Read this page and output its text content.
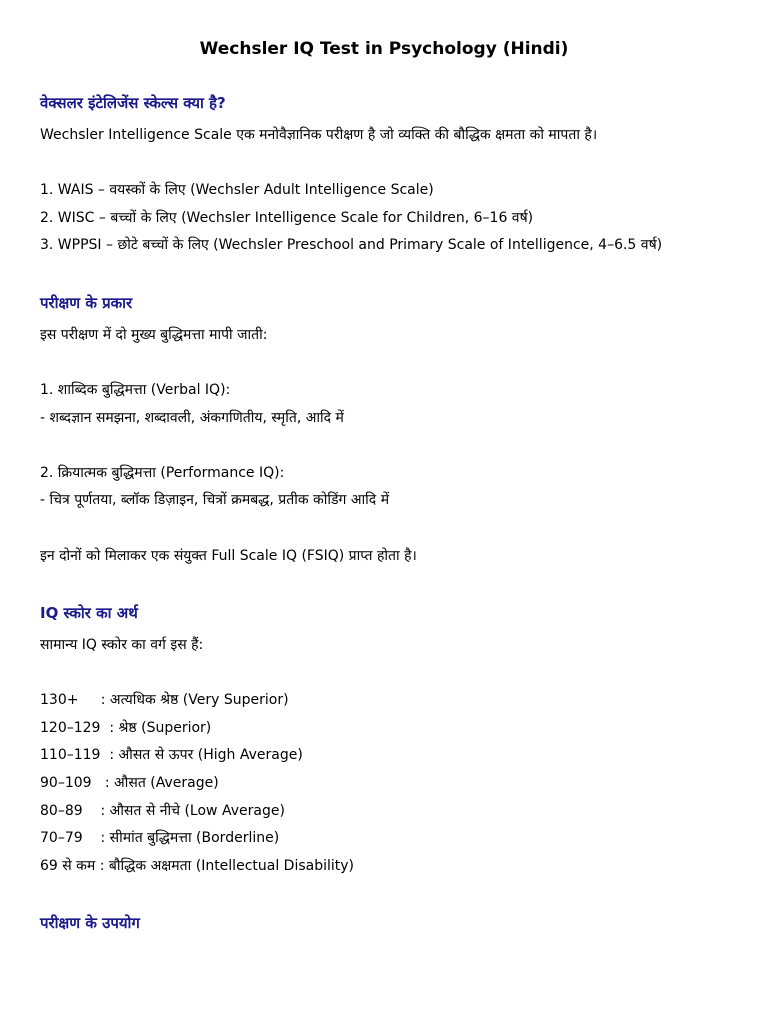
Wechsler IQ Test in Psychology (Hindi)
वेक्सलर इंटेलिजेंस स्केल्स क्या है?
Wechsler Intelligence Scale एक मनोवैज्ञानिक परीक्षण है जो व्यक्ति की बौद्धिक क्षमता को मापता है।
1. WAIS – वयस्कों के लिए (Wechsler Adult Intelligence Scale)
2. WISC – बच्चों के लिए (Wechsler Intelligence Scale for Children, 6–16 वर्ष)
3. WPPSI – छोटे बच्चों के लिए (Wechsler Preschool and Primary Scale of Intelligence, 4–6.5 वर्ष)
परीक्षण के प्रकार
इस परीक्षण में दो मुख्य बुद्धिमत्ता मापी जाती:
1. शाब्दिक बुद्धिमत्ता (Verbal IQ):
- शब्दज्ञान समझना, शब्दावली, अंकगणितीय, स्मृति, आदि में
2. क्रियात्मक बुद्धिमत्ता (Performance IQ):
- चित्र पूर्णतया, ब्लॉक डिज़ाइन, चित्रों क्रमबद्ध, प्रतीक कोडिंग आदि में
इन दोनों को मिलाकर एक संयुक्त Full Scale IQ (FSIQ) प्राप्त होता है।
IQ स्कोर का अर्थ
सामान्य IQ स्कोर का वर्ग इस हैं:
130+     : अत्यधिक श्रेष्ठ (Very Superior)
120–129  : श्रेष्ठ (Superior)
110–119  : औसत से ऊपर (High Average)
90–109   : औसत (Average)
80–89    : औसत से नीचे (Low Average)
70–79    : सीमांत बुद्धिमत्ता (Borderline)
69 से कम : बौद्धिक अक्षमता (Intellectual Disability)
परीक्षण के उपयोग
